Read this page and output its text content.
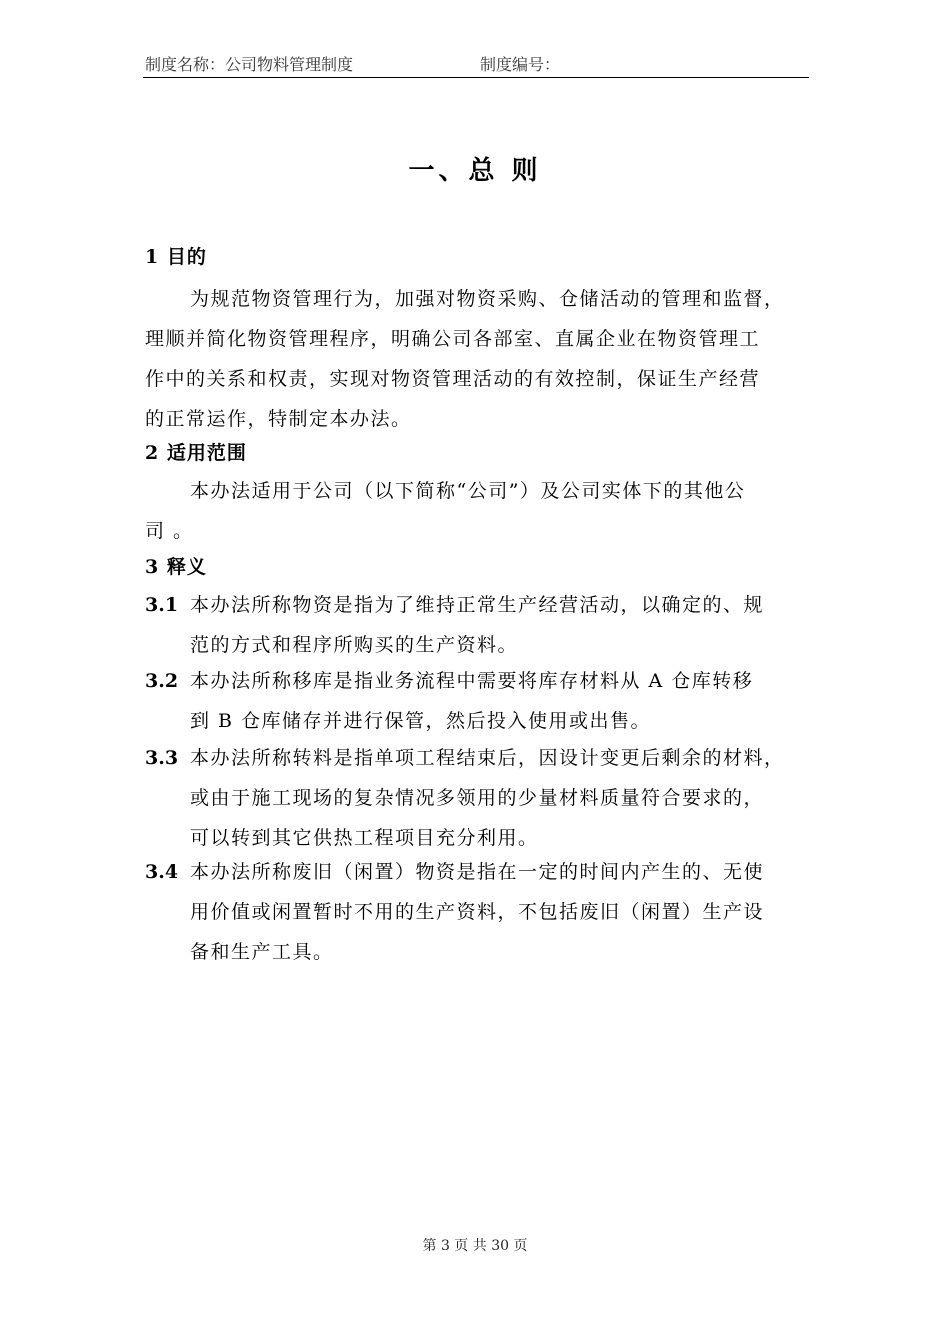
制度名称：公司物料管理制度	制度编号：
一、总 则
1 目的
为规范物资管理行为，加强对物资采购、仓储活动的管理和监督，
理顺并简化物资管理程序，明确公司各部室、直属企业在物资管理工
作中的关系和权责，实现对物资管理活动的有效控制，保证生产经营
的正常运作，特制定本办法。
2 适用范围
本办法适用于公司（以下简称“公司”）及公司实体下的其他公
司 。
3 释义
3.1 本办法所称物资是指为了维持正常生产经营活动，以确定的、规
范的方式和程序所购买的生产资料。
3.2 本办法所称移库是指业务流程中需要将库存材料从 A 仓库转移
到 B 仓库储存并进行保管，然后投入使用或出售。
3.3 本办法所称转料是指单项工程结束后，因设计变更后剩余的材料，
或由于施工现场的复杂情况多领用的少量材料质量符合要求的，
可以转到其它供热工程项目充分利用。
3.4 本办法所称废旧（闲置）物资是指在一定的时间内产生的、无使
用价值或闲置暂时不用的生产资料，不包括废旧（闲置）生产设
备和生产工具。
第 3 页 共 30 页
